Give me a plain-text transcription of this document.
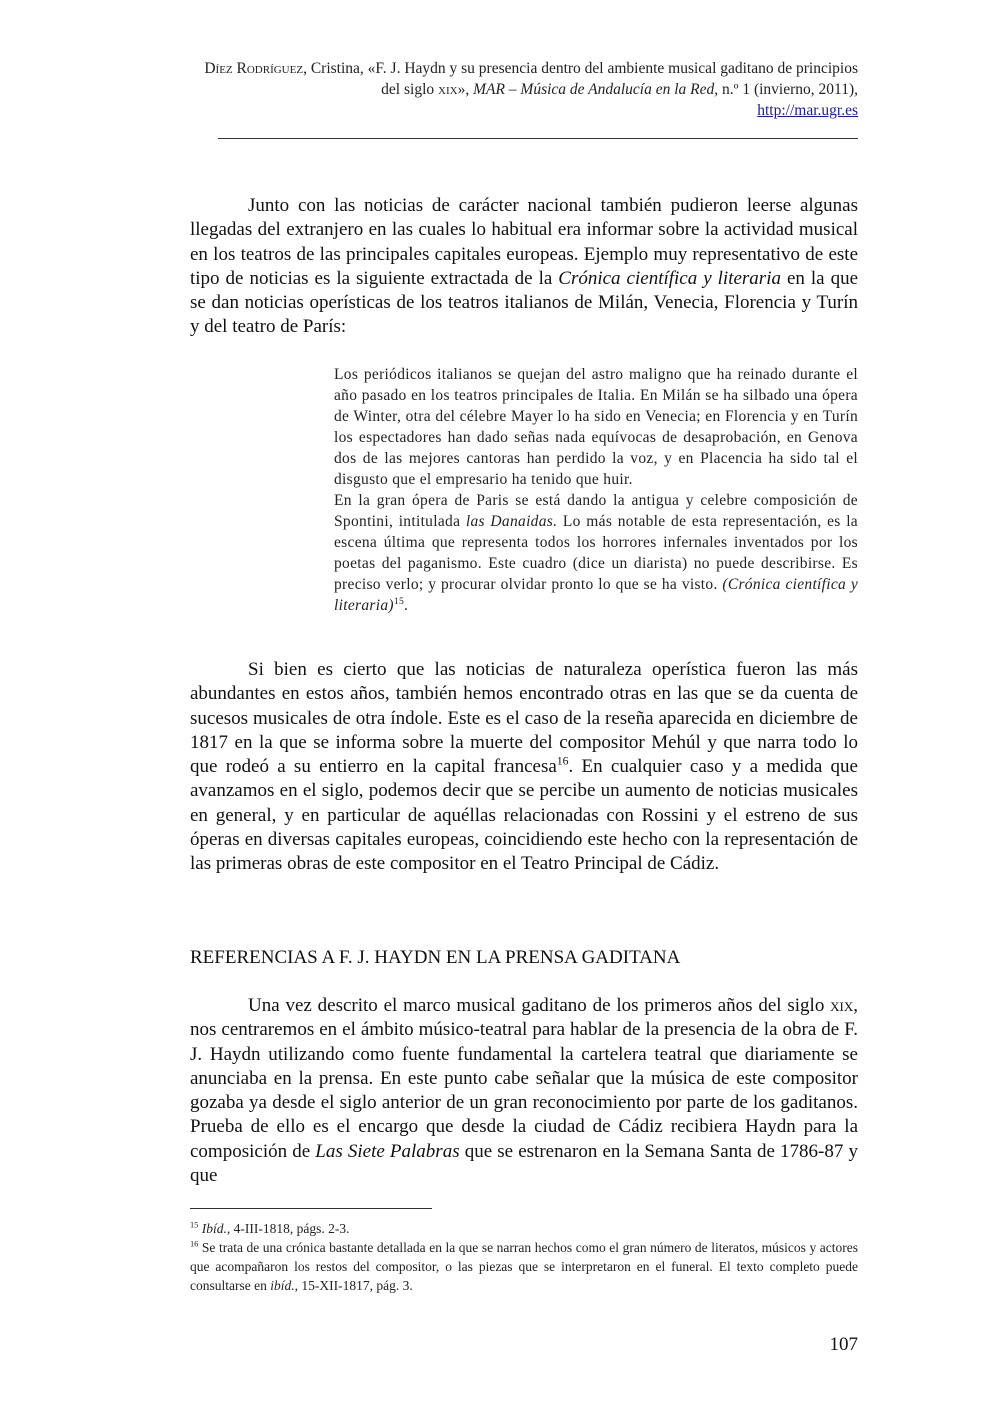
Díez Rodríguez, Cristina, «F. J. Haydn y su presencia dentro del ambiente musical gaditano de principios del siglo xix», MAR – Música de Andalucía en la Red, n.º 1 (invierno, 2011),
http://mar.ugr.es

Junto con las noticias de carácter nacional también pudieron leerse algunas llegadas del extranjero en las cuales lo habitual era informar sobre la actividad musical en los teatros de las principales capitales europeas. Ejemplo muy representativo de este tipo de noticias es la siguiente extractada de la Crónica científica y literaria en la que se dan noticias operísticas de los teatros italianos de Milán, Venecia, Florencia y Turín y del teatro de París:

Los periódicos italianos se quejan del astro maligno que ha reinado durante el año pasado en los teatros principales de Italia. En Milán se ha silbado una ópera de Winter, otra del célebre Mayer lo ha sido en Venecia; en Florencia y en Turín los espectadores han dado señas nada equívocas de desaprobación, en Genova dos de las mejores cantoras han perdido la voz, y en Placencia ha sido tal el disgusto que el empresario ha tenido que huir.

En la gran ópera de Paris se está dando la antigua y celebre composición de Spontini, intitulada las Danaidas. Lo más notable de esta representación, es la escena última que representa todos los horrores infernales inventados por los poetas del paganismo. Este cuadro (dice un diarista) no puede describirse. Es preciso verlo; y procurar olvidar pronto lo que se ha visto. (Crónica científica y literaria)$^{15}$.

Si bien es cierto que las noticias de naturaleza operística fueron las más abundantes en estos años, también hemos encontrado otras en las que se da cuenta de sucesos musicales de otra índole. Este es el caso de la reseña aparecida en diciembre de 1817 en la que se informa sobre la muerte del compositor Mehúl y que narra todo lo que rodeó a su entierro en la capital francesa$^{16}$. En cualquier caso y a medida que avanzamos en el siglo, podemos decir que se percibe un aumento de noticias musicales en general, y en particular de aquéllas relacionadas con Rossini y el estreno de sus óperas en diversas capitales europeas, coincidiendo este hecho con la representación de las primeras obras de este compositor en el Teatro Principal de Cádiz.

REFERENCIAS A F. J. HAYDN EN LA PRENSA GADITANA

Una vez descrito el marco musical gaditano de los primeros años del siglo xix, nos centraremos en el ámbito músico-teatral para hablar de la presencia de la obra de F. J. Haydn utilizando como fuente fundamental la cartelera teatral que diariamente se anunciaba en la prensa. En este punto cabe señalar que la música de este compositor gozaba ya desde el siglo anterior de un gran reconocimiento por parte de los gaditanos. Prueba de ello es el encargo que desde la ciudad de Cádiz recibiera Haydn para la composición de Las Siete Palabras que se estrenaron en la Semana Santa de 1786-87 y que

$^{15}$ Ibíd., 4-III-1818, págs. 2-3.

$^{16}$ Se trata de una crónica bastante detallada en la que se narran hechos como el gran número de literatos, músicos y actores que acompañaron los restos del compositor, o las piezas que se interpretaron en el funeral. El texto completo puede consultarse en ibíd., 15-XII-1817, pág. 3.

107
